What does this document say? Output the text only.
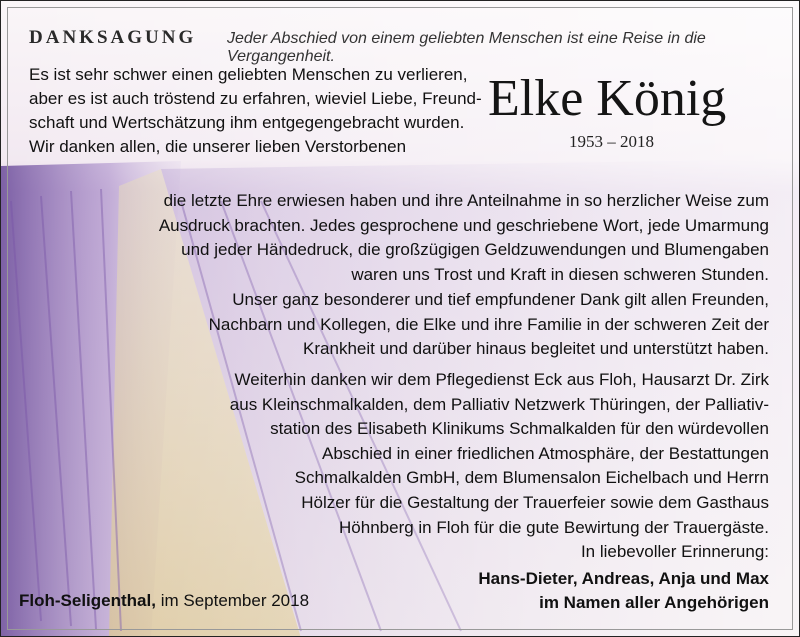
DANKSAGUNG Jeder Abschied von einem geliebten Menschen ist eine Reise in die Vergangenheit.
Es ist sehr schwer einen geliebten Menschen zu verlieren,
aber es ist auch tröstend zu erfahren, wieviel Liebe, Freund-
schaft und Wertschätzung ihm entgegengebracht wurden.
Wir danken allen, die unserer lieben Verstorbenen
Elke König
1953 – 2018
die letzte Ehre erwiesen haben und ihre Anteilnahme in so herzlicher Weise zum
Ausdruck brachten. Jedes gesprochene und geschriebene Wort, jede Umarmung
und jeder Händedruck, die großzügigen Geldzuwendungen und Blumengaben
waren uns Trost und Kraft in diesen schweren Stunden.
Unser ganz besonderer und tief empfundener Dank gilt allen Freunden,
Nachbarn und Kollegen, die Elke und ihre Familie in der schweren Zeit der
Krankheit und darüber hinaus begleitet und unterstützt haben.
Weiterhin danken wir dem Pflegedienst Eck aus Floh, Hausarzt Dr. Zirk
aus Kleinschmalkalden, dem Palliativ Netzwerk Thüringen, der Palliativ-
station des Elisabeth Klinikums Schmalkalden für den würdevollen
Abschied in einer friedlichen Atmosphäre, der Bestattungen
Schmalkalden GmbH, dem Blumensalon Eichelbach und Herrn
Hölzer für die Gestaltung der Trauerfeier sowie dem Gasthaus
Höhnberg in Floh für die gute Bewirtung der Trauergäste.
In liebevoller Erinnerung:
Hans-Dieter, Andreas, Anja und Max
im Namen aller Angehörigen
Floh-Seligenthal, im September 2018
